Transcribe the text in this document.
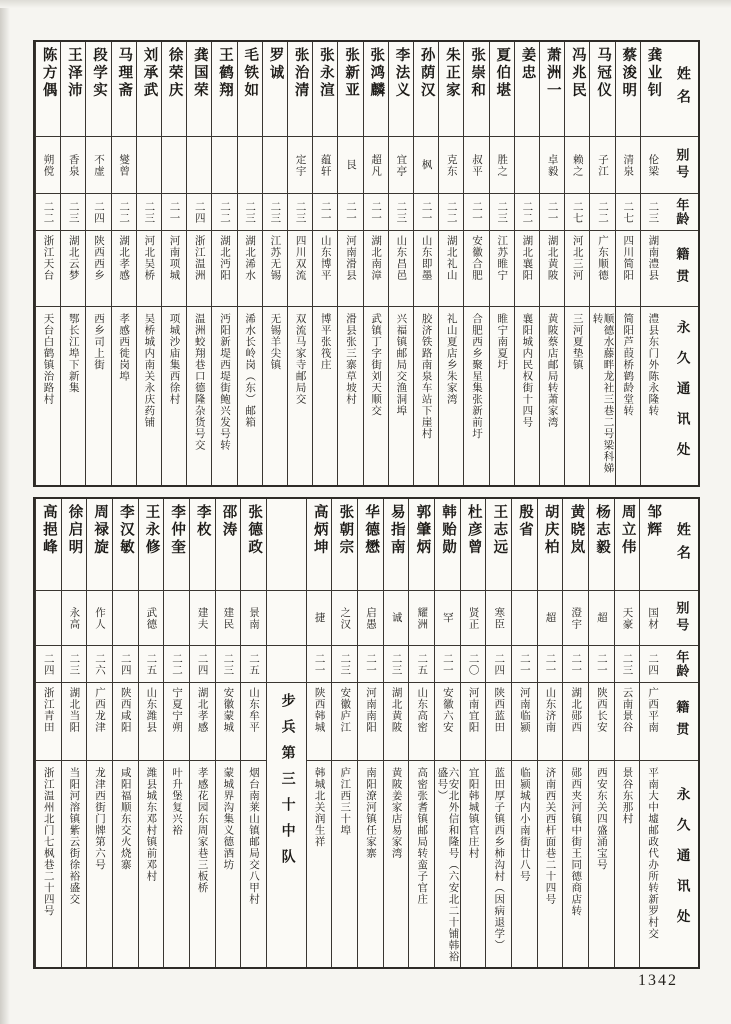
姓名
别号
年龄
籍贯
永久通讯处
龚业钊
伦梁
二三
湖南澧县
澧县东门外陈永隆转
蔡浚明
清泉
二七
四川简阳
简阳芦葭桥鹤龄堂转
马冠仪
子江
二二
广东顺德
顺德水藤畔龙社三巷二号梁科娣转
冯兆民
赖之
二七
河北三河
三河夏垫镇
萧洲一
卓毅
二一
湖北黄陂
黄陂蔡店邮局转萧家湾
姜忠
二二
湖北襄阳
襄阳城内民权街十四号
夏伯堪
胜之
二三
江苏睢宁
睢宁南夏圩
张崇和
叔平
二一
安徽合肥
合肥西乡聚星集张新前圩
朱正家
克东
二二
湖北礼山
礼山夏店乡朱家湾
孙荫汉
枫
二一
山东即墨
胶济铁路南泉车站下崖村
李法义
宜亭
二三
山东昌邑
兴福镇邮局交渔洞埠
张鸿麟
超凡
二一
湖北南漳
武镇丁字街刘天顺交
张新亚
艮
二一
河南滑县
滑县张三寨草坡村
张永渲
蕴轩
二一
山东博平
博平张筏庄
张治清
定宇
二三
四川双流
双流马家寺邮局交
罗诚
二三
江苏无锡
无锡羊尖镇
毛铁如
二三
湖北浠水
浠水长岭岗（东）邮箱
王鹤翔
二二
湖北沔阳
沔阳新堤西堤街鲍兴发号转
龚国荣
二四
浙江温洲
温洲蛟翔巷口德隆杂货号交
徐荣庆
二一
河南项城
项城沙庙集西徐村
刘承武
二三
河北吴桥
吴桥城内南关永庆药铺
马理斋
燮曾
二二
湖北孝感
孝感西徙岗埠
段学实
不虚
二四
陕西西乡
西乡司上街
王泽沛
香泉
二三
湖北云梦
鄂长江埠下新集
陈方偶
朔傥
二二
浙江天台
天台白鹤镇治路村
姓名
别号
年龄
籍贯
永久通讯处
邹辉
国材
二四
广西平南
平南大中墟邮政代办所转新罗村交
周立伟
天豪
二三
云南景谷
景谷东那村
杨志毅
超
二一
陕西长安
西安东关四盛涌宝号
黄晓岚
澄宇
二一
湖北郧西
郧西夹河镇中街王同德商店转
胡庆柏
超
二一
山东济南
济南西关西杆面巷二十四号
殷省
二一
河南临颍
临颍城内小南街廿八号
王志远
寒臣
二四
陕西蓝田
蓝田厚子镇西乡柿沟村（因病退学）
杜彦曾
贤正
二〇
河南宜阳
宜阳韩城镇官庄村
韩贻勋
罕
二一
安徽六安
六安北外信和隆号（六安北二十铺韩裕盛号）
郭肇炳
耀洲
二五
山东高密
高密张耆镇邮局转蛮子官庄
易指南
诚
二三
湖北黄陂
黄陂姜家店易家湾
华德懋
启愚
二一
河南南阳
南阳潦河镇任家寨
张朝宗
之汉
二三
安徽庐江
庐江西三十埠
高炳坤
捷
二一
陕西韩城
韩城北关润生祥
步兵第三十中队
张德政
景南
二五
山东牟平
烟台南莱山镇邮局交八甲村
邵涛
建民
二三
安徽蒙城
蒙城界沟集义德酒坊
李枚
建夫
二四
湖北孝感
孝感花园东周家巷三板桥
李仲奎
二二
宁夏宁朔
叶升堡复兴裕
王永修
武德
二五
山东潍县
潍县城东邓村镇前邓村
李汉敏
二四
陕西咸阳
咸阳福顺东交火烧寨
周禄旋
作人
二六
广西龙津
龙津西街门牌第六号
徐启明
永高
二三
湖北当阳
当阳河溶镇紫云街徐裕盛交
高挹峰
二四
浙江青田
浙江温州北门七枫巷二十四号
1342
